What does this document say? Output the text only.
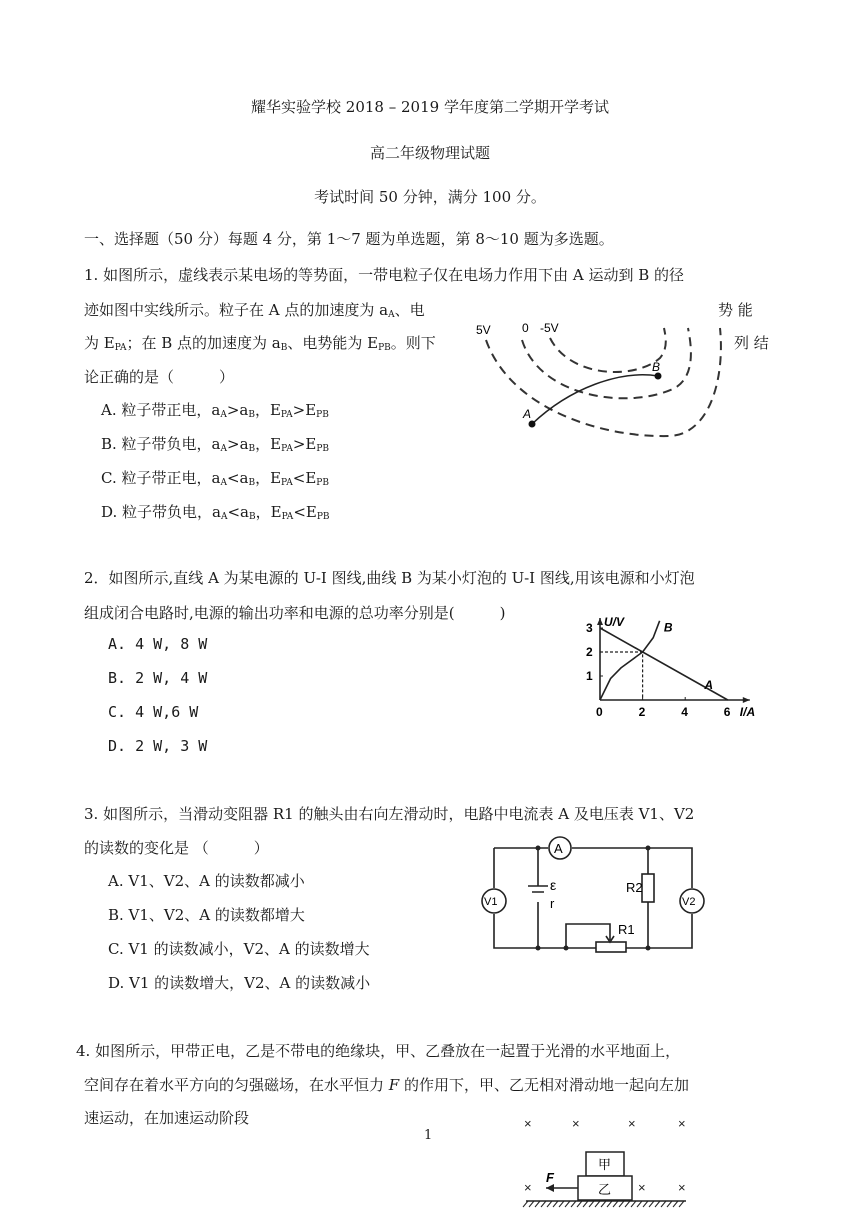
耀华实验学校 2018 – 2019 学年度第二学期开学考试
高二年级物理试题
考试时间 50 分钟，满分 100 分。
一、选择题（50 分）每题 4 分，第 1～7 题为单选题，第 8～10 题为多选题。
1. 如图所示，虚线表示某电场的等势面，一带电粒子仅在电场力作用下由 A 运动到 B 的径
迹如图中实线所示。粒子在 A 点的加速度为 $a_A$、电	势 能
为 $E_{PA}$；在 B 点的加速度为 $a_B$、电势能为 $E_{PB}$。则下	列 结
论正确的是（　　　）
A. 粒子带正电，$a_A>a_B$，$E_{PA}>E_{PB}$
B. 粒子带负电，$a_A>a_B$，$E_{PA}>E_{PB}$
C. 粒子带正电，$a_A<a_B$，$E_{PA}<E_{PB}$
D. 粒子带负电，$a_A<a_B$，$E_{PA}<E_{PB}$
5V	0 -5V
A
B
2．如图所示,直线 A 为某电源的 U-I 图线,曲线 B 为某小灯泡的 U-I 图线,用该电源和小灯泡
组成闭合电路时,电源的输出功率和电源的总功率分别是(　　　)
A. 4 W, 8 W
B. 2 W, 4 W
C. 4 W,6 W
D. 2 W, 3 W
0	2	4	6
1
2
3
I/A
U/V
A
B
3. 如图所示，当滑动变阻器 R1 的触头由右向左滑动时，电路中电流表 A 及电压表 V1、V2
的读数的变化是 （　　　）
A. V1、V2、A 的读数都减小
B. V1、V2、A 的读数都增大
C. V1 的读数减小，V2、A 的读数增大
D. V1 的读数增大，V2、A 的读数减小
A
V1	V2
ε
r
R2
R1
4. 如图所示，甲带正电，乙是不带电的绝缘块，甲、乙叠放在一起置于光滑的水平地面上，
空间存在着水平方向的匀强磁场，在水平恒力 F 的作用下，甲、乙无相对滑动地一起向左加
速运动，在加速运动阶段	×	×	×	×
×	× ×
甲
乙
F
1
